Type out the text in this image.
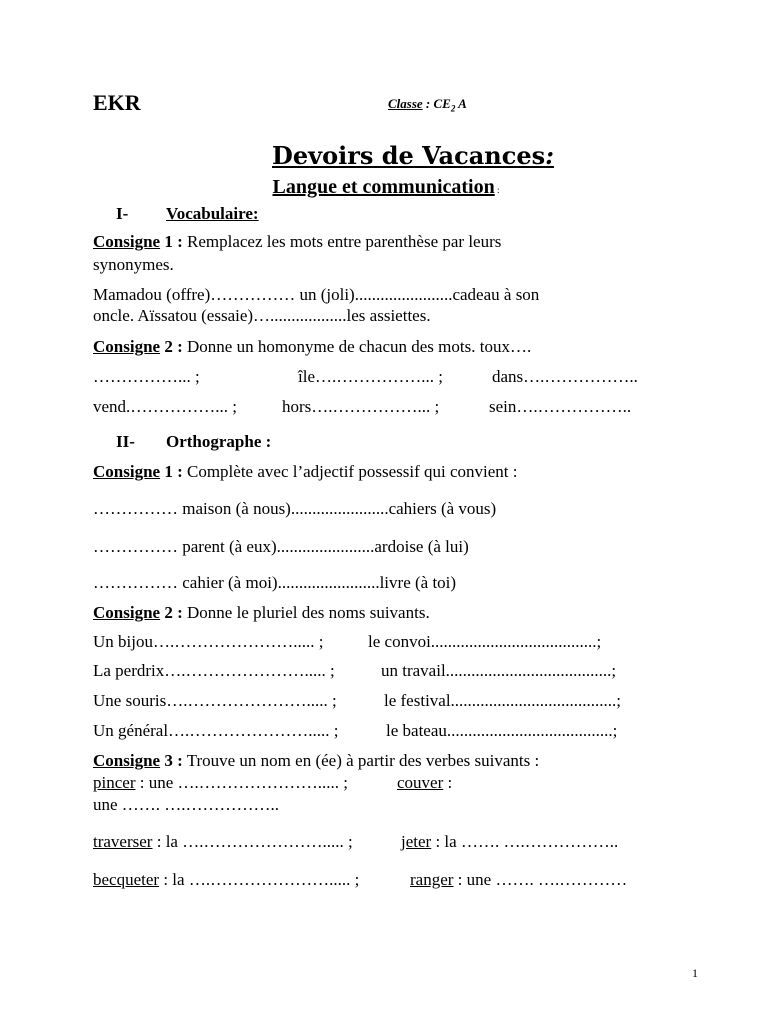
EKR	Classe : $CE_2$ A
Devoirs de Vacances:
Langue et communication :
I- Vocabulaire:
Consigne 1 : Remplacez les mots entre parenthèse par leurs
synonymes.
Mamadou (offre)…………… un (joli).......................cadeau à son
oncle. Aïssatou (essaie)…..................les assiettes.
Consigne 2 : Donne un homonyme de chacun des mots. toux….
……………... ;	île….……………... ;	dans….……………..
vend.……………... ;	hors….……………... ;	sein….……………..
II- Orthographe :
Consigne 1 : Complète avec l’adjectif possessif qui convient :
…………… maison (à nous).......................cahiers (à vous)
…………… parent (à eux).......................ardoise (à lui)
…………… cahier (à moi)........................livre (à toi)
Consigne 2 : Donne le pluriel des noms suivants.
Un bijou….…………………..... ;	le convoi.......................................;
La perdrix….…………………..... ;	un travail.......................................;
Une souris….…………………..... ;	le festival.......................................;
Un général….…………………..... ;	le bateau.......................................;
Consigne 3 : Trouve un nom en (ée) à partir des verbes suivants :
pincer : une ….…………………..... ;	couver :
une ……. ….……………..
traverser : la ….…………………..... ;	jeter : la ……. ….……………..
becqueter : la ….…………………..... ;	ranger : une ……. ….…………
1
